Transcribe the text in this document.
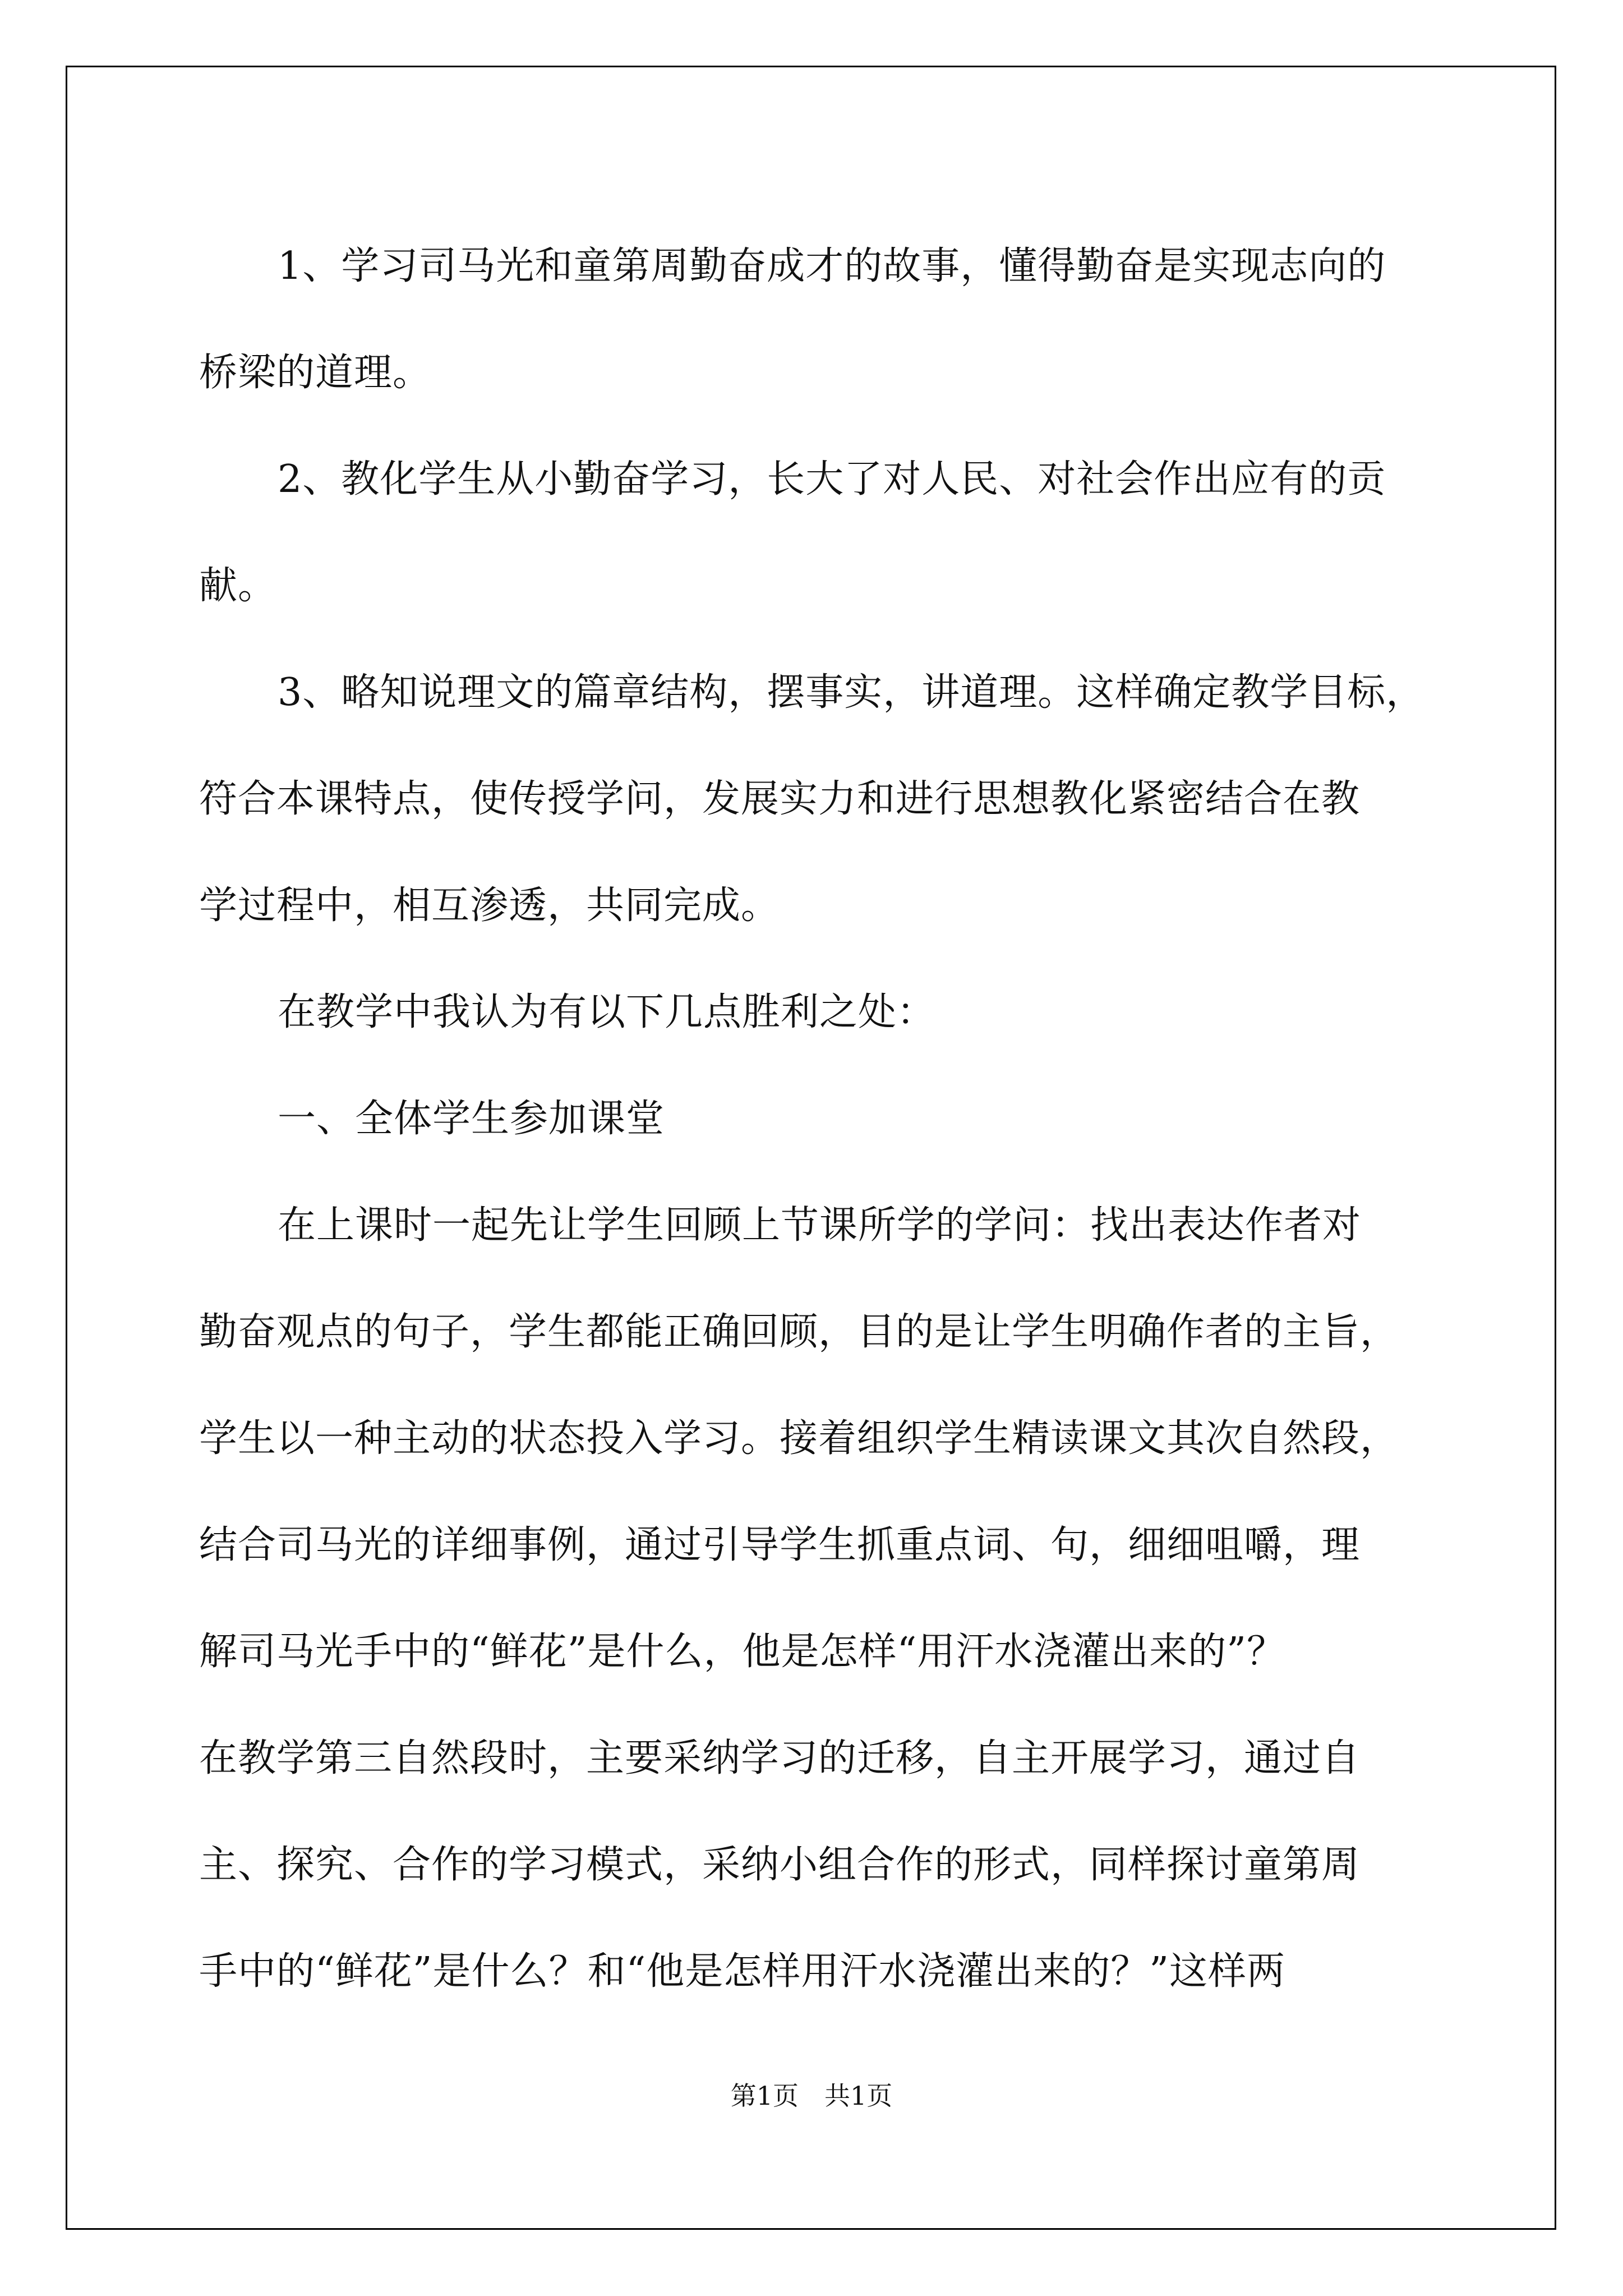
1、学习司马光和童第周勤奋成才的故事，懂得勤奋是实现志向的
桥梁的道理。
2、教化学生从小勤奋学习，长大了对人民、对社会作出应有的贡
献。
3、略知说理文的篇章结构，摆事实，讲道理。这样确定教学目标，
符合本课特点，使传授学问，发展实力和进行思想教化紧密结合在教
学过程中，相互渗透，共同完成。
在教学中我认为有以下几点胜利之处：
一、全体学生参加课堂
在上课时一起先让学生回顾上节课所学的学问：找出表达作者对
勤奋观点的句子，学生都能正确回顾，目的是让学生明确作者的主旨，
学生以一种主动的状态投入学习。接着组织学生精读课文其次自然段，
结合司马光的详细事例，通过引导学生抓重点词、句，细细咀嚼，理
解司马光手中的“鲜花”是什么，他是怎样“用汗水浇灌出来的”？
在教学第三自然段时，主要采纳学习的迁移，自主开展学习，通过自
主、探究、合作的学习模式，采纳小组合作的形式，同样探讨童第周
手中的“鲜花”是什么？和“他是怎样用汗水浇灌出来的？”这样两
第1页　共1页
